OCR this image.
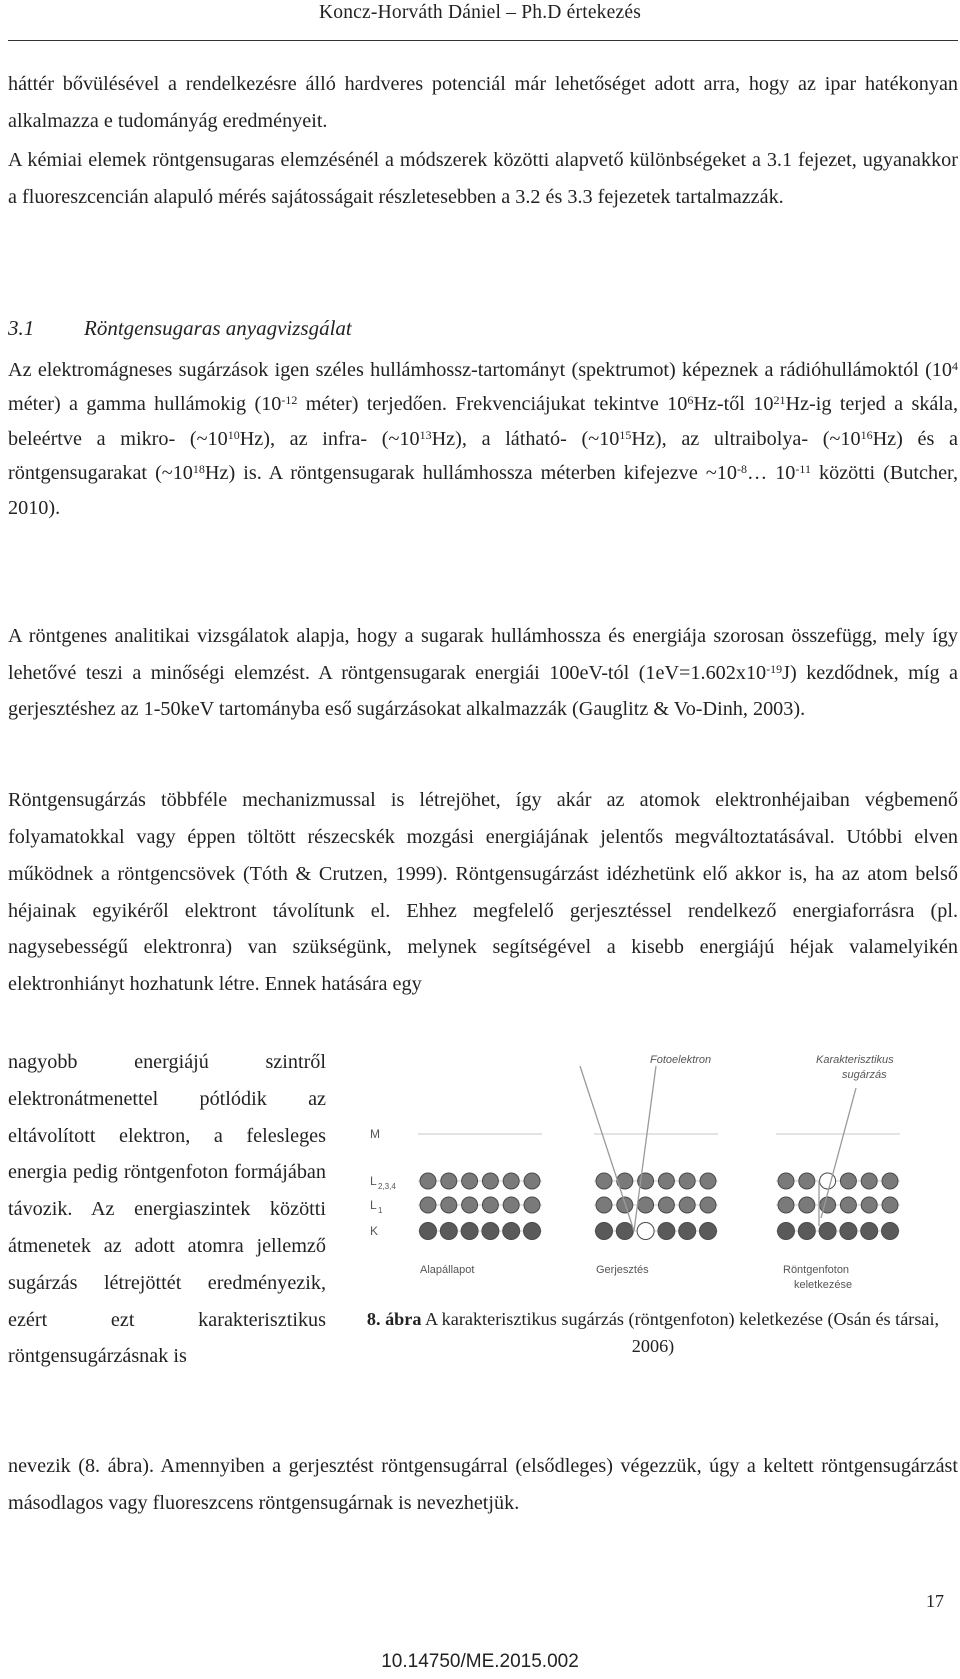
Koncz-Horváth Dániel – Ph.D értekezés

háttér bővülésével a rendelkezésre álló hardveres potenciál már lehetőséget adott arra, hogy az ipar hatékonyan alkalmazza e tudományág eredményeit.

A kémiai elemek röntgensugaras elemzésénél a módszerek közötti alapvető különbségeket a 3.1 fejezet, ugyanakkor a fluoreszcencián alapuló mérés sajátosságait részletesebben a 3.2 és 3.3 fejezetek tartalmazzák.

3.1 Röntgensugaras anyagvizsgálat

Az elektromágneses sugárzások igen széles hullámhossz-tartományt (spektrumot) képeznek a rádióhullámoktól ($10^4$ méter) a gamma hullámokig ($10^{-12}$ méter) terjedően. Frekvenciájukat tekintve $10^6Hz$-től $10^{21}Hz-ig$ terjed a skála, beleértve a mikro- $(\sim 10^{10}Hz)$, az infra- $(\sim 10^{13}Hz)$, a látható- $(\sim 10^{15}Hz)$, az ultraibolya- $(\sim 10^{16}Hz)$ és a röntgensugarakat $(\sim 10^{18}Hz)$ is. A röntgensugarak hullámhossza méterben kifejezve $\sim 10^{-8}\dots$ $10^{-11}$ közötti (Butcher, 2010).

A röntgenes analitikai vizsgálatok alapja, hogy a sugarak hullámhossza és energiája szorosan összefügg, mely így lehetővé teszi a minőségi elemzést. A röntgensugarak energiái 100eV-tól $(1eV=1.602x10^{-19}J)$ kezdődnek, míg a gerjesztéshez az 1-50keV tartományba eső sugárzásokat alkalmazzák (Gauglitz & Vo-Dinh, 2003).

Röntgensugárzás többféle mechanizmussal is létrejöhet, így akár az atomok elektronhéjaiban végbemenő folyamatokkal vagy éppen töltött részecskék mozgási energiájának jelentős megváltoztatásával. Utóbbi elven működnek a röntgencsövek (Tóth & Crutzen, 1999). Röntgensugárzást idézhetünk elő akkor is, ha az atom belső héjainak egyikéről elektront távolítunk el. Ehhez megfelelő gerjesztéssel rendelkező energiaforrásra (pl. nagysebességű elektronra) van szükségünk, melynek segítségével a kisebb energiájú héjak valamelyikén elektronhiányt hozhatunk létre. Ennek hatására egy

nagyobb energiájú szintről elektronátmenettel pótlódik az eltávolított elektron, a felesleges energia pedig röntgenfoton formájában távozik. Az energiaszintek közötti átmenetek az adott atomra jellemző sugárzás létrejöttét eredményezik, ezért ezt karakterisztikus röntgensugárzásnak is

Fotoelektron	Karakterisztikus
sugárzás
M
L 2,3,4
L 1
K
Alapállapot	Gerjesztés	Röntgenfoton
keletkezése
8. ábra A karakterisztikus sugárzás (röntgenfoton) keletkezése (Osán és társai, 2006)

nevezik (8. ábra). Amennyiben a gerjesztést röntgensugárral (elsődleges) végezzük, úgy a keltett röntgensugárzást másodlagos vagy fluoreszcens röntgensugárnak is nevezhetjük.

17
10.14750/ME.2015.002
